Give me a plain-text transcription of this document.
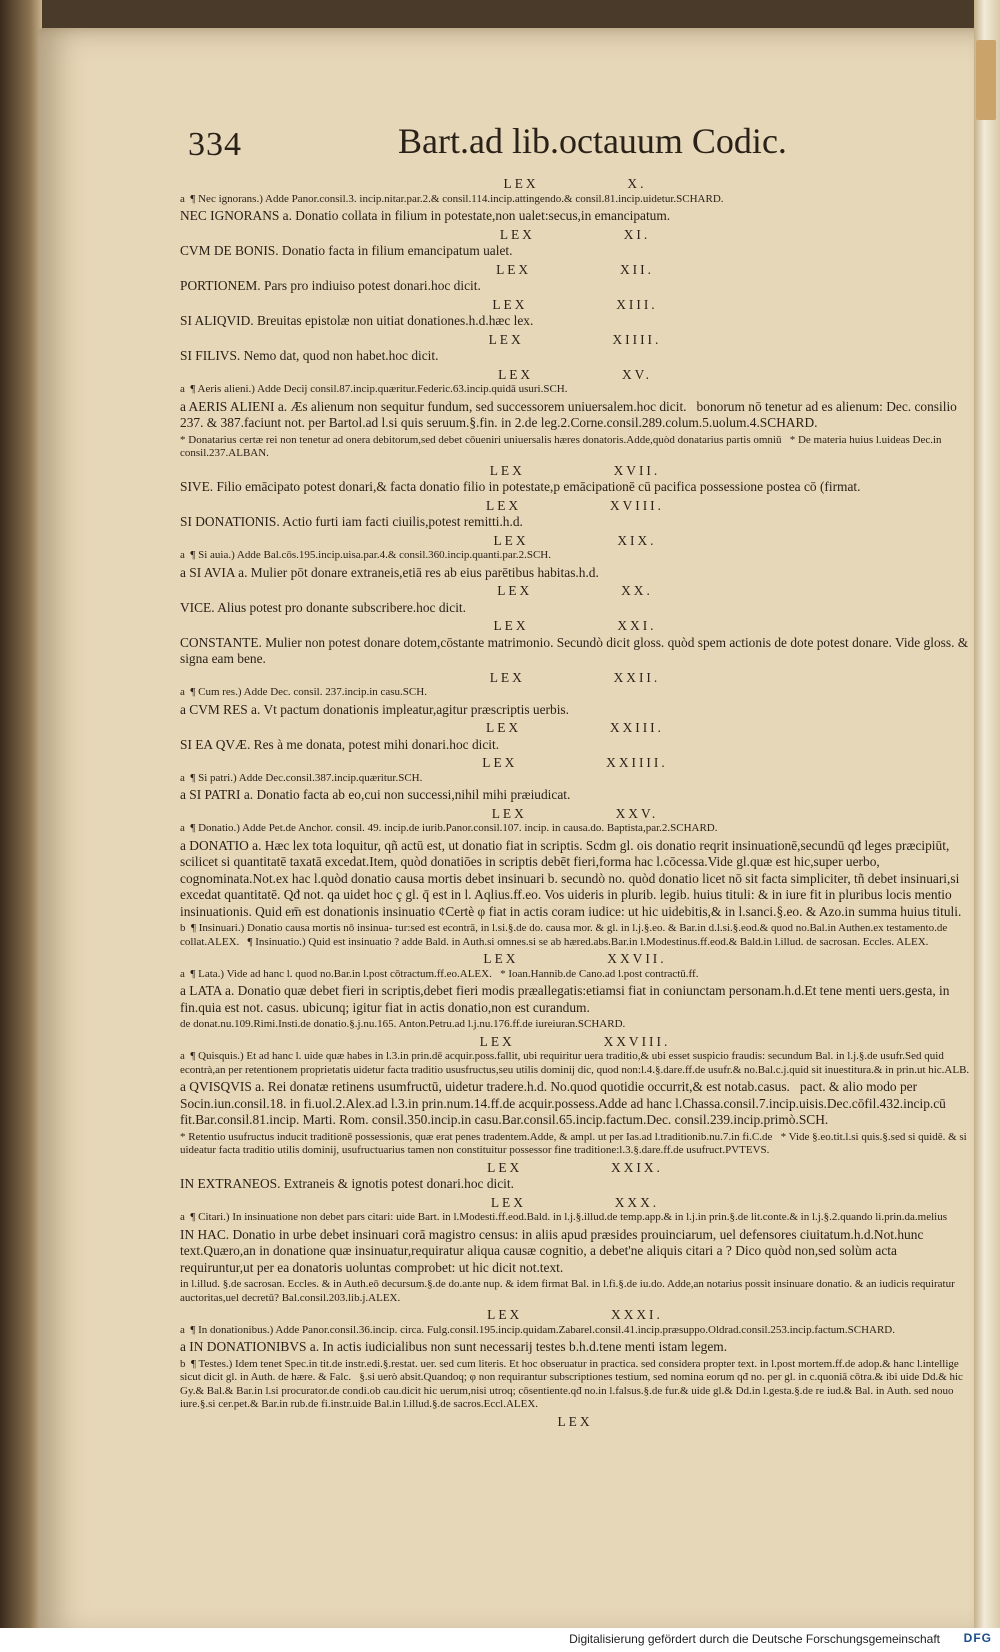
334	Bart.ad lib.octauum Codic.

LEX              X.

a  ¶ Nec ignorans.) Adde Panor.consil.3. incip.nitar.par.2.& consil.114.incip.attingendo.& consil.81.incip.uidetur.SCHARD.

NEC IGNORANS a. Donatio collata in filium in potestate,non ualet:secus,in emancipatum.

LEX              XI.

CVM DE BONIS. Donatio facta in filium emancipatum ualet.

LEX              XII.

PORTIONEM. Pars pro indiuiso potest donari.hoc dicit.

LEX              XIII.

SI ALIQVID. Breuitas epistolæ non uitiat donationes.h.d.hæc lex.

LEX              XIIII.

SI FILIVS. Nemo dat, quod non habet.hoc dicit.

LEX              XV.

a  ¶ Aeris alieni.) Adde Decij consil.87.incip.quæritur.Federic.63.incip.quidā usuri.SCH.

a AERIS ALIENI a. Æs alienum non sequitur fundum, sed successorem uniuersalem.hoc dicit.   bonorum nō tenetur ad es alienum: Dec. consilio 237. & 387.faciunt not. per Bartol.ad l.si quis seruum.§.fin. in 2.de leg.2.Corne.consil.289.colum.5.uolum.4.SCHARD.

* Donatarius certæ rei non tenetur ad onera debitorum,sed debet cōueniri uniuersalis hæres donatoris.Adde,quòd donatarius partis omniū   * De materia huius l.uideas Dec.in consil.237.ALBAN.

LEX              XVII.

SIVE. Filio emācipato potest donari,& facta donatio filio in potestate,p emācipationē cū pacifica possessione postea cō (firmat.

LEX              XVIII.

SI DONATIONIS. Actio furti iam facti ciuilis,potest remitti.h.d.

LEX              XIX.

a  ¶ Si auia.) Adde Bal.cōs.195.incip.uisa.par.4.& consil.360.incip.quanti.par.2.SCH.

a SI AVIA a. Mulier pōt donare extraneis,etiā res ab eius parētibus habitas.h.d.

LEX              XX.

VICE. Alius potest pro donante subscribere.hoc dicit.

LEX              XXI.

CONSTANTE. Mulier non potest donare dotem,cōstante matrimonio. Secundò dicit gloss. quòd spem actionis de dote potest donare. Vide gloss. & signa eam bene.

LEX              XXII.

a  ¶ Cum res.) Adde Dec. consil. 237.incip.in casu.SCH.

a CVM RES a. Vt pactum donationis impleatur,agitur præscriptis uerbis.

LEX              XXIII.

SI EA QVÆ. Res à me donata, potest mihi donari.hoc dicit.

LEX              XXIIII.

a  ¶ Si patri.) Adde Dec.consil.387.incip.quæritur.SCH.

a SI PATRI a. Donatio facta ab eo,cui non successi,nihil mihi præiudicat.

LEX              XXV.

a  ¶ Donatio.) Adde Pet.de Anchor. consil. 49. incip.de iurib.Panor.consil.107. incip. in causa.do. Baptista,par.2.SCHARD.

a DONATIO a. Hæc lex tota loquitur, qñ actū est, ut donatio fiat in scriptis. Scdm gl. ois donatio reqrit insinuationē,secundū qđ leges præcipiūt, scilicet si quantitatē taxatā excedat.Item, quòd donatiōes in scriptis debēt fieri,forma hac l.cōcessa.Vide gl.quæ est hic,super uerbo, cognominata.Not.ex hac l.quòd donatio causa mortis debet insinuari b. secundò no. quòd donatio licet nō sit facta simpliciter, tñ debet insinuari,si excedat quantitatē. Qđ not. qa uidet hoc ç gl. q̄ est in l. Aqlius.ff.eo. Vos uideris in plurib. legib. huius tituli: & in iure fit in pluribus locis mentio insinuationis. Quid em̄ est donationis insinuatio ¢Certè φ fiat in actis coram iudice: ut hic uidebitis,& in l.sanci.§.eo. & Azo.in summa huius tituli.

b  ¶ Insinuari.) Donatio causa mortis nō insinua- tur:sed est econtrā, in l.si.§.de do. causa mor. & gl. in l.j.§.eo. & Bar.in d.l.si.§.eod.& quod no.Bal.in Authen.ex testamento.de collat.ALEX.   ¶ Insinuatio.) Quid est insinuatio ? adde Bald. in Auth.si omnes.si se ab hæred.abs.Bar.in l.Modestinus.ff.eod.& Bald.in l.illud. de sacrosan. Eccles. ALEX.

LEX              XXVII.

a  ¶ Lata.) Vide ad hanc l. quod no.Bar.in l.post cōtractum.ff.eo.ALEX.   * Ioan.Hannib.de Cano.ad l.post contractū.ff.

a LATA a. Donatio quæ debet fieri in scriptis,debet fieri modis præallegatis:etiamsi fiat in coniunctam personam.h.d.Et tene menti uers.gesta, in fin.quia est not. casus. ubicunq; igitur fiat in actis donatio,non est curandum.

de donat.nu.109.Rimi.Insti.de donatio.§.j.nu.165. Anton.Petru.ad l.j.nu.176.ff.de iureiuran.SCHARD.

LEX              XXVIII.

a  ¶ Quisquis.) Et ad hanc l. uide quæ habes in l.3.in prin.dē acquir.poss.fallit, ubi requiritur uera traditio,& ubi esset suspicio fraudis: secundum Bal. in l.j.§.de usufr.Sed quid econtrà,an per retentionem proprietatis uidetur facta traditio ususfructus,seu utilis dominij dic, quod non:l.4.§.dare.ff.de usufr.& no.Bal.c.j.quid sit inuestitura.& in prin.ut hic.ALB.

a QVISQVIS a. Rei donatæ retinens usumfructū, uidetur tradere.h.d. No.quod quotidie occurrit,& est notab.casus.   pact. & alio modo per Socin.iun.consil.18. in fi.uol.2.Alex.ad l.3.in prin.num.14.ff.de acquir.possess.Adde ad hanc l.Chassa.consil.7.incip.uisis.Dec.cōfil.432.incip.cū fit.Bar.consil.81.incip. Marti. Rom. consil.350.incip.in casu.Bar.consil.65.incip.factum.Dec. consil.239.incip.primò.SCH.

* Retentio usufructus inducit traditionē possessionis, quæ erat penes tradentem.Adde, & ampl. ut per Ias.ad l.traditionib.nu.7.in fi.C.de   * Vide §.eo.tit.l.si quis.§.sed si quidē. & si uideatur facta traditio utilis dominij, usufructuarius tamen non constituitur possessor fine traditione:l.3.§.dare.ff.de usufruct.PVTEVS.

LEX              XXIX.

IN EXTRANEOS. Extraneis & ignotis potest donari.hoc dicit.

LEX              XXX.

a  ¶ Citari.) In insinuatione non debet pars citari: uide Bart. in l.Modesti.ff.eod.Bald. in l.j.§.illud.de temp.app.& in l.j.in prin.§.de lit.conte.& in l.j.§.2.quando li.prin.da.melius

IN HAC. Donatio in urbe debet insinuari corā magistro census: in aliis apud præsides prouinciarum, uel defensores ciuitatum.h.d.Not.hunc text.Quæro,an in donatione quæ insinuatur,requiratur aliqua causæ cognitio, a debet'ne aliquis citari a ? Dico quòd non,sed solùm acta requiruntur,ut per ea donatoris uoluntas comprobet: ut hic dicit not.text.

in l.illud. §.de sacrosan. Eccles. & in Auth.eō decursum.§.de do.ante nup. & idem firmat Bal. in l.fi.§.de iu.do. Adde,an notarius possit insinuare donatio. & an iudicis requiratur auctoritas,uel decretū? Bal.consil.203.lib.j.ALEX.

LEX              XXXI.

a  ¶ In donationibus.) Adde Panor.consil.36.incip. circa. Fulg.consil.195.incip.quidam.Zabarel.consil.41.incip.præsuppo.Oldrad.consil.253.incip.factum.SCHARD.

a IN DONATIONIBVS a. In actis iudicialibus non sunt necessarij testes b.h.d.tene menti istam legem.

b  ¶ Testes.) Idem tenet Spec.in tit.de instr.edi.§.restat. uer. sed cum literis. Et hoc obseruatur in practica. sed considera propter text. in l.post mortem.ff.de adop.& hanc l.intellige sicut dicit gl. in Auth. de hære. & Falc.   §.si uerò absit.Quandoq; φ non requirantur subscriptiones testium, sed nomina eorum qđ no. per gl. in c.quoniā cōtra.& ibi uide Dd.& hic Gy.& Bal.& Bar.in l.si procurator.de condi.ob cau.dicit hic uerum,nisi utroq; cōsentiente.qđ no.in l.falsus.§.de fur.& uide gl.& Dd.in l.gesta.§.de re iud.& Bal. in Auth. sed nouo iure.§.si cer.pet.& Bar.in rub.de fi.instr.uide Bal.in l.illud.§.de sacros.Eccl.ALEX.

LEX

Digitalisierung gefördert durch die Deutsche Forschungsgemeinschaft DFG
